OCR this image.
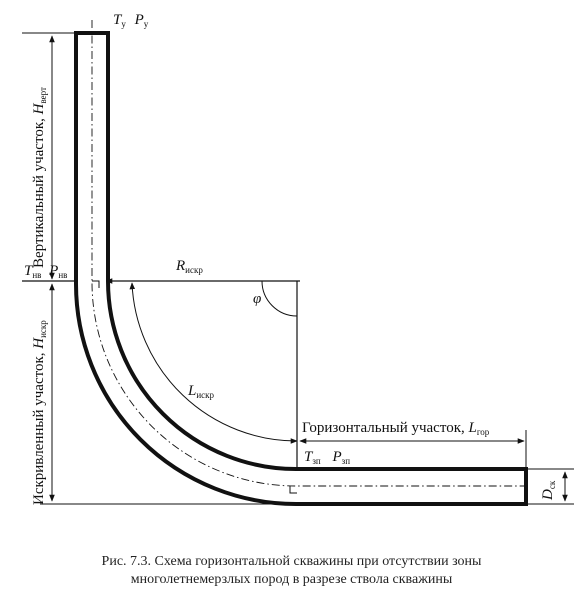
$T_у$ $P_у$
$T_{нв}$ $P_{нв}$
$R_{искр}$
φ
$L_{искр}$
Горизонтальный участок, $L_{гор}$
$T_{зп}$ $P_{зп}$
$D_{ск}$
Вертикальный участок, $H_{верт}$
Искривленный участок, $H_{искр}$
Рис. 7.3. Схема горизонтальной скважины при отсутствии зоны
многолетнемерзлых пород в разрезе ствола скважины
